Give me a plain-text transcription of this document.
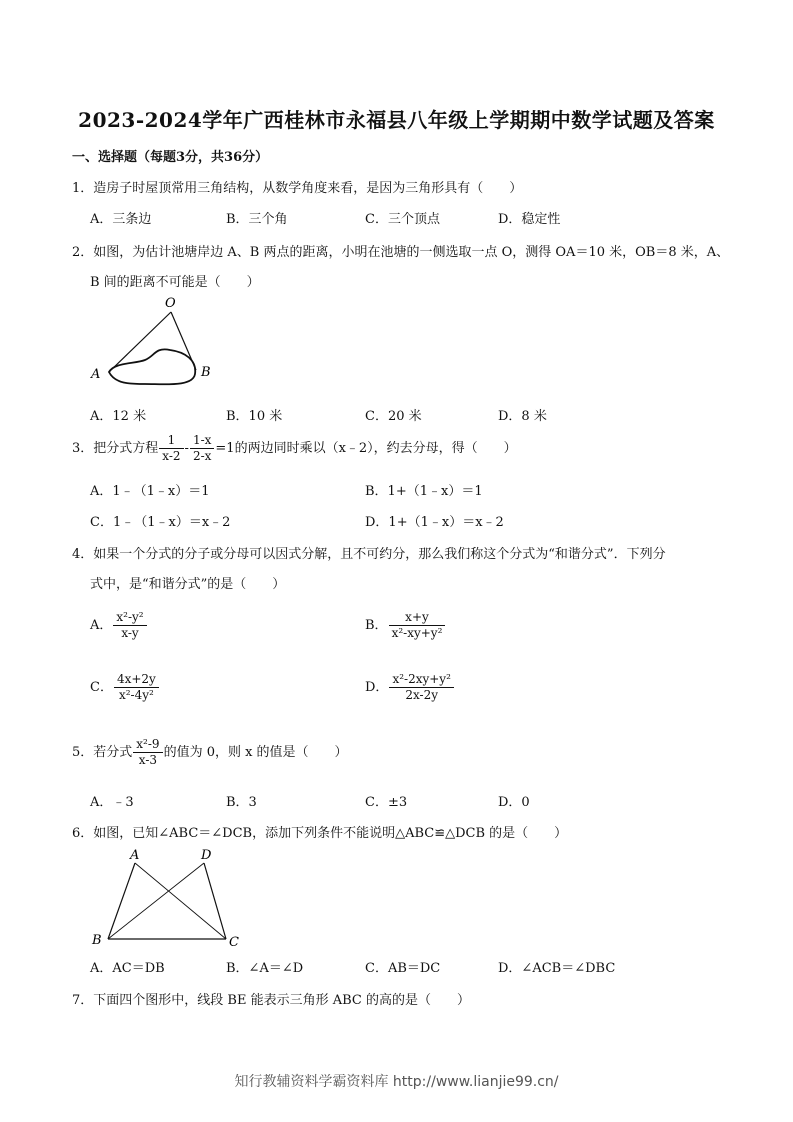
2023-2024学年广西桂林市永福县八年级上学期期中数学试题及答案
一、选择题（每题3分，共36分）
1．造房子时屋顶常用三角结构，从数学角度来看，是因为三角形具有（　　）
A．三条边	B．三个角	C．三个顶点	D．稳定性
2．如图，为估计池塘岸边 A、B 两点的距离，小明在池塘的一侧选取一点 O，测得 OA＝10 米，OB＝8 米，A、
B 间的距离不可能是（　　）
O
A	B
A．12 米	B．10 米	C．20 米	D．8 米
3．把分式方程 $\frac{1}{x-2} - \frac{1-x}{2-x} =1$的两边同时乘以（x﹣2），约去分母，得（　　）
A．1﹣（1﹣x）＝1	B．1+（1﹣x）＝1
C．1﹣（1﹣x）＝x﹣2	D．1+（1﹣x）＝x﹣2
4．如果一个分式的分子或分母可以因式分解，且不可约分，那么我们称这个分式为“和谐分式”．下列分
式中，是“和谐分式”的是（　　）
A． $\frac{\text{x²-y²}}{x-y}$	B． $\frac{x+y}{\text{x²-xy+y²}}$
C． $\frac{4x+2y}{\text{x²-4y²}}$	D． $\frac{\text{x²-2xy+y²}}{2x-2y}$
5．若分式 $\frac{\text{x²-9}}{x-3}$ 的值为 0，则 x 的值是（　　）
A．﹣3	B．3	C．±3	D．0
6．如图，已知∠ABC＝∠DCB，添加下列条件不能说明△ABC≌△DCB 的是（　　）
A	D
B	C
A．AC＝DB	B．∠A＝∠D	C．AB＝DC	D．∠ACB＝∠DBC
7．下面四个图形中，线段 BE 能表示三角形 ABC 的高的是（　　）
知行教辅资料学霸资料库 http://www.lianjie99.cn/
